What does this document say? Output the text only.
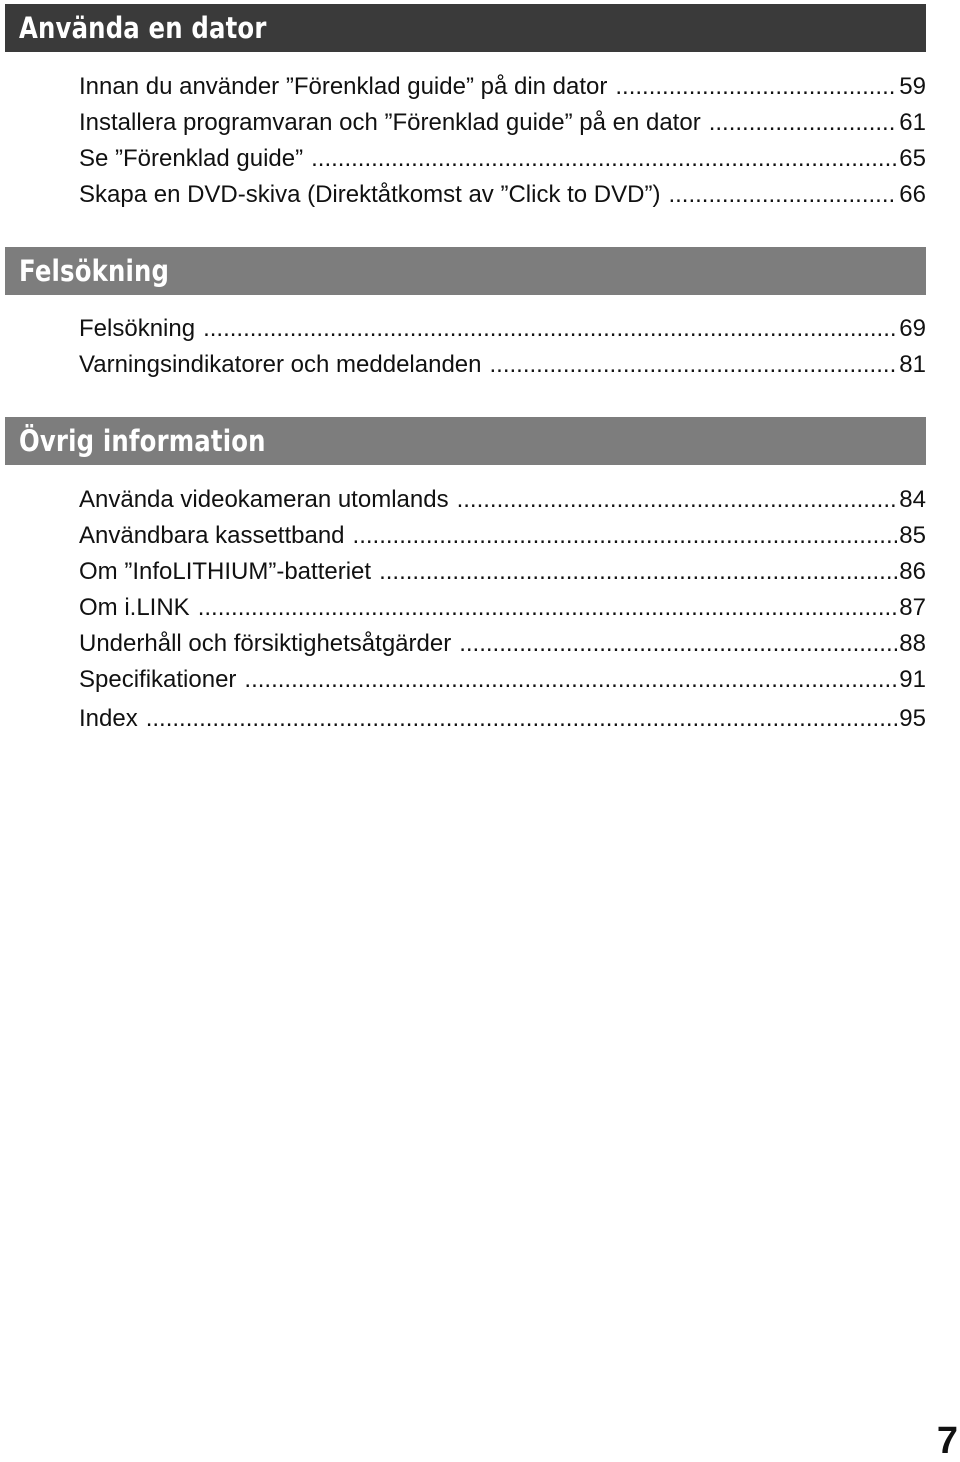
Använda en dator
Innan du använder ”Förenklad guide” på din dator .....	59
Installera programvaran och ”Förenklad guide” på en dator .....	61
Se ”Förenklad guide” .....	65
Skapa en DVD-skiva (Direktåtkomst av ”Click to DVD”) .....	66
Felsökning
Felsökning .....	69
Varningsindikatorer och meddelanden .....	81
Övrig information
Använda videokameran utomlands .....	84
Användbara kassettband .....	85
Om ”InfoLITHIUM”-batteriet .....	86
Om i.LINK .....	87
Underhåll och försiktighetsåtgärder .....	88
Specifikationer .....	91
Index .....	95
7
